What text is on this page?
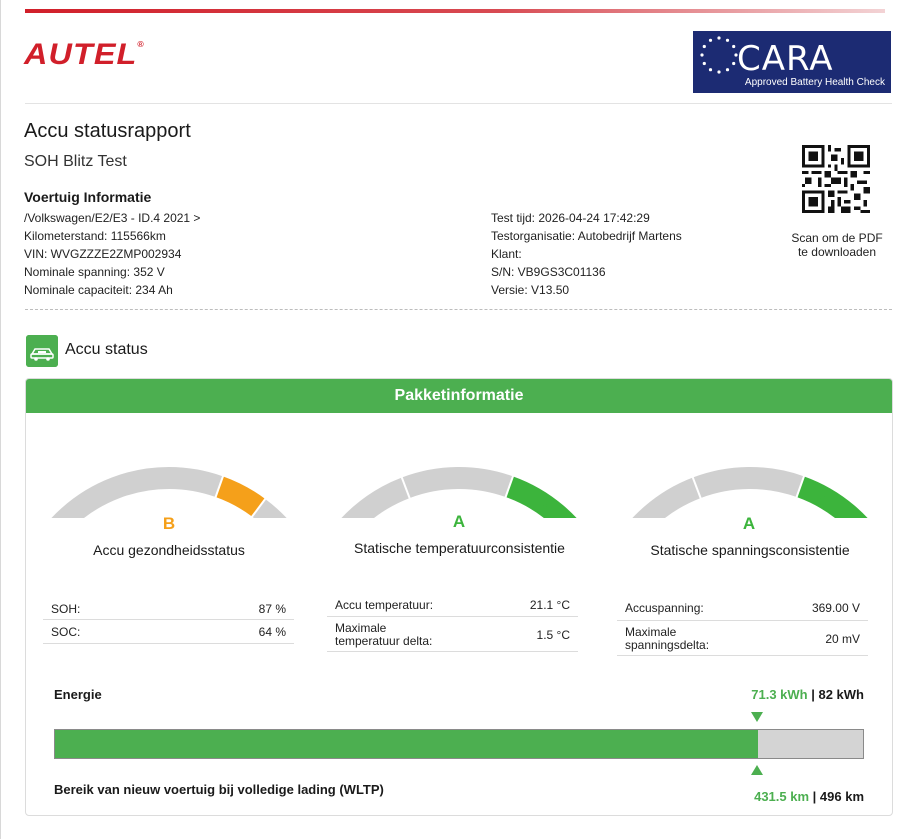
AUTEL®	CARA
Approved Battery Health Check
Accu statusrapport
SOH Blitz Test
Voertuig Informatie
/Volkswagen/E2/E3 - ID.4 2021 >
Kilometerstand: 115566km
VIN: WVGZZZE2ZMP002934
Nominale spanning: 352 V
Nominale capaciteit: 234 Ah
Test tijd: 2026-04-24 17:42:29
Testorganisatie: Autobedrijf Martens
Klant:
S/N: VB9GS3C01136
Versie: V13.50
Scan om de PDF
te downloaden
Accu status
Pakketinformatie
B	A	A
Accu gezondheidsstatus	Statische temperatuurconsistentie	Statische spanningsconsistentie
SOH:	87 %
SOC:	64 %
Accu temperatuur:	21.1 °C
Maximale
temperatuur delta:	1.5 °C
Accuspanning:	369.00 V
Maximale
spanningsdelta:	20 mV
Energie	71.3 kWh | 82 kWh
Bereik van nieuw voertuig bij volledige lading (WLTP)	431.5 km | 496 km
